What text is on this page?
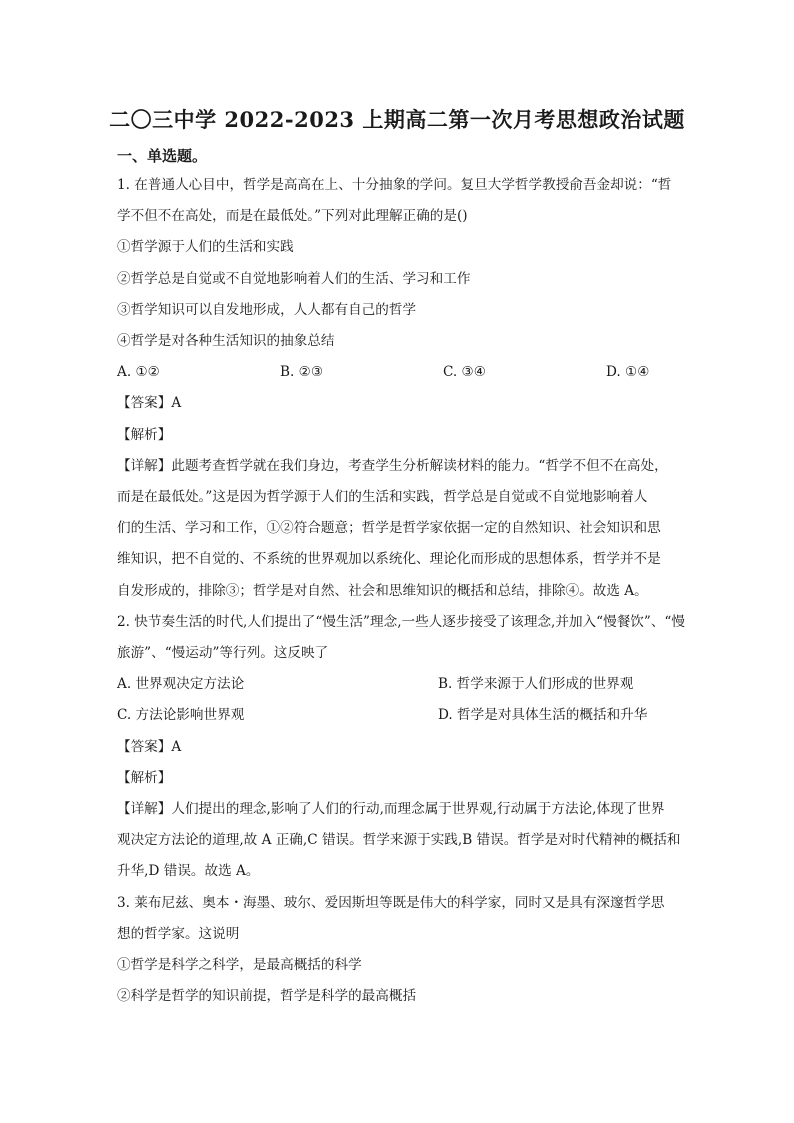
二〇三中学 2022-2023 上期高二第一次月考思想政治试题
一、单选题。

1. 在普通人心目中，哲学是高高在上、十分抽象的学问。复旦大学哲学教授俞吾金却说：“哲

学不但不在高处，而是在最低处。”下列对此理解正确的是()

①哲学源于人们的生活和实践

②哲学总是自觉或不自觉地影响着人们的生活、学习和工作

③哲学知识可以自发地形成，人人都有自己的哲学

④哲学是对各种生活知识的抽象总结

A. ①②	B. ②③	C. ③④	D. ①④

【答案】A

【解析】

【详解】此题考查哲学就在我们身边，考查学生分析解读材料的能力。“哲学不但不在高处，

而是在最低处。”这是因为哲学源于人们的生活和实践，哲学总是自觉或不自觉地影响着人

们的生活、学习和工作，①②符合题意；哲学是哲学家依据一定的自然知识、社会知识和思

维知识，把不自觉的、不系统的世界观加以系统化、理论化而形成的思想体系，哲学并不是

自发形成的，排除③；哲学是对自然、社会和思维知识的概括和总结，排除④。故选 A。

2. 快节奏生活的时代,人们提出了“慢生活”理念,一些人逐步接受了该理念,并加入“慢餐饮”、“慢

旅游”、“慢运动”等行列。这反映了

A. 世界观决定方法论	B. 哲学来源于人们形成的世界观

C. 方法论影响世界观	D. 哲学是对具体生活的概括和升华

【答案】A

【解析】

【详解】人们提出的理念,影响了人们的行动,而理念属于世界观,行动属于方法论,体现了世界

观决定方法论的道理,故 A 正确,C 错误。哲学来源于实践,B 错误。哲学是对时代精神的概括和

升华,D 错误。故选 A。

3. 莱布尼兹、奥本・海墨、玻尔、爱因斯坦等既是伟大的科学家，同时又是具有深邃哲学思

想的哲学家。这说明

①哲学是科学之科学，是最高概括的科学

②科学是哲学的知识前提，哲学是科学的最高概括
